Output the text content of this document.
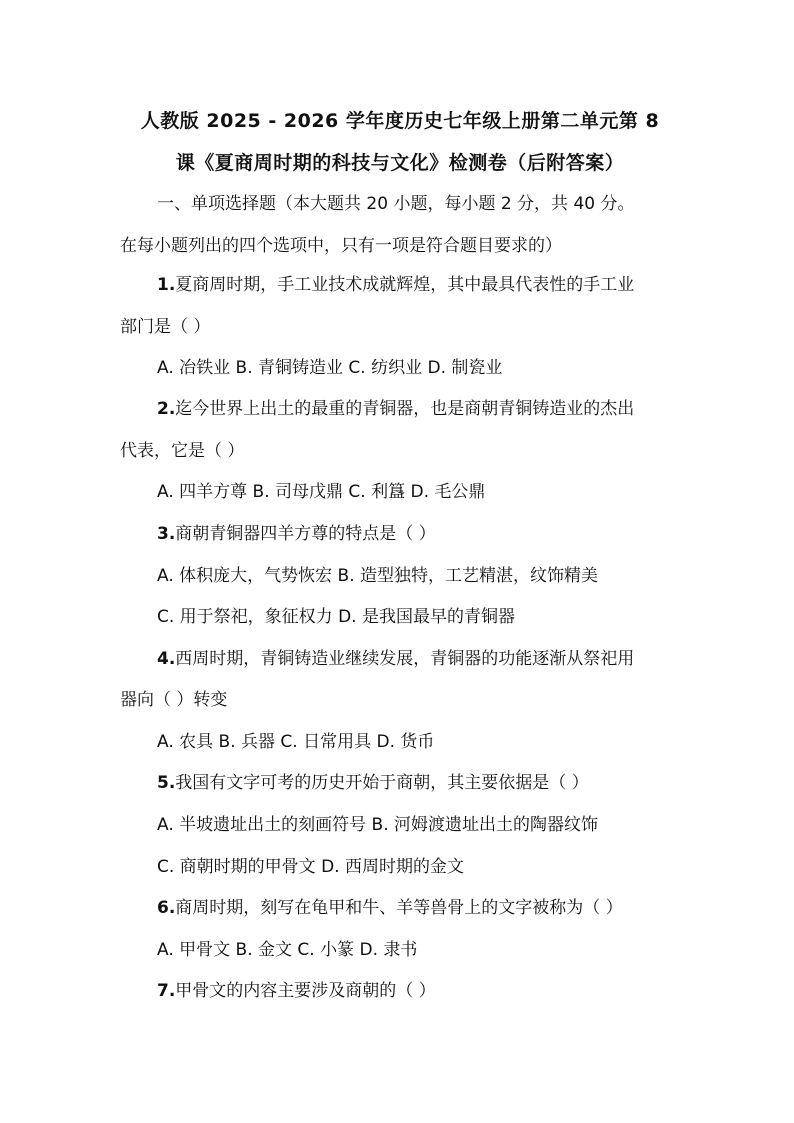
人教版 2025 - 2026 学年度历史七年级上册第二单元第 8
课《夏商周时期的科技与文化》检测卷（后附答案）
一、单项选择题（本大题共 20 小题，每小题 2 分，共 40 分。
在每小题列出的四个选项中，只有一项是符合题目要求的）
1.夏商周时期，手工业技术成就辉煌，其中最具代表性的手工业
部门是（ ）
A. 冶铁业 B. 青铜铸造业 C. 纺织业 D. 制瓷业
2.迄今世界上出土的最重的青铜器，也是商朝青铜铸造业的杰出
代表，它是（ ）
A. 四羊方尊 B. 司母戊鼎 C. 利簋 D. 毛公鼎
3.商朝青铜器四羊方尊的特点是（ ）
A. 体积庞大，气势恢宏 B. 造型独特，工艺精湛，纹饰精美
C. 用于祭祀，象征权力 D. 是我国最早的青铜器
4.西周时期，青铜铸造业继续发展，青铜器的功能逐渐从祭祀用
器向（ ）转变
A. 农具 B. 兵器 C. 日常用具 D. 货币
5.我国有文字可考的历史开始于商朝，其主要依据是（ ）
A. 半坡遗址出土的刻画符号 B. 河姆渡遗址出土的陶器纹饰
C. 商朝时期的甲骨文 D. 西周时期的金文
6.商周时期，刻写在龟甲和牛、羊等兽骨上的文字被称为（ ）
A. 甲骨文 B. 金文 C. 小篆 D. 隶书
7.甲骨文的内容主要涉及商朝的（ ）
